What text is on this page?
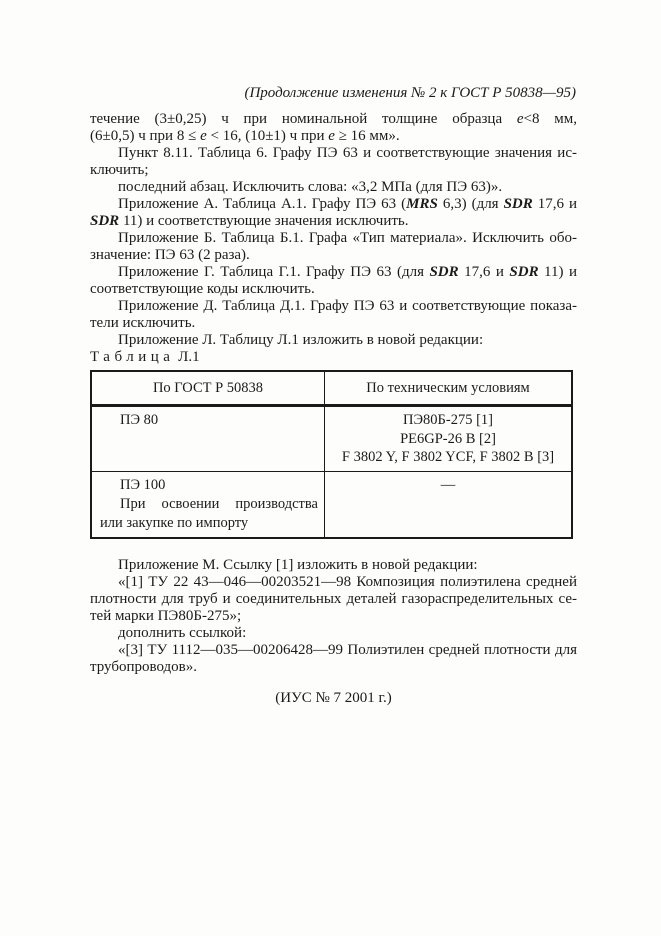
(Продолжение изменения № 2 к ГОСТ Р 50838—95)
течение (3±0,25) ч при номинальной толщине образца e<8 мм,
(6±0,5) ч при 8 ≤ e < 16, (10±1) ч при e ≥ 16 мм».
Пункт 8.11. Таблица 6. Графу ПЭ 63 и соответствующие значения ис-
ключить;
последний абзац. Исключить слова: «3,2 МПа (для ПЭ 63)».
Приложение А. Таблица А.1. Графу ПЭ 63 (MRS 6,3) (для SDR 17,6 и
SDR 11) и соответствующие значения исключить.
Приложение Б. Таблица Б.1. Графа «Тип материала». Исключить обо-
значение: ПЭ 63 (2 раза).
Приложение Г. Таблица Г.1. Графу ПЭ 63 (для SDR 17,6 и SDR 11) и
соответствующие коды исключить.
Приложение Д. Таблица Д.1. Графу ПЭ 63 и соответствующие показа-
тели исключить.
Приложение Л. Таблицу Л.1 изложить в новой редакции:
Таблица Л.1
По ГОСТ Р 50838	По техническим условиям
ПЭ 80	ПЭ80Б-275 [1]
PE6GP-26 B [2]
F 3802 Y, F 3802 YCF, F 3802 B [3]
ПЭ 100
При освоении производства
или закупке по импорту
—
Приложение М. Ссылку [1] изложить в новой редакции:
«[1] ТУ 22 43—046—00203521—98 Композиция полиэтилена средней
плотности для труб и соединительных деталей газораспределительных се-
тей марки ПЭ80Б-275»;
дополнить ссылкой:
«[3] ТУ 1112—035—00206428—99 Полиэтилен средней плотности для
трубопроводов».
(ИУС № 7 2001 г.)
